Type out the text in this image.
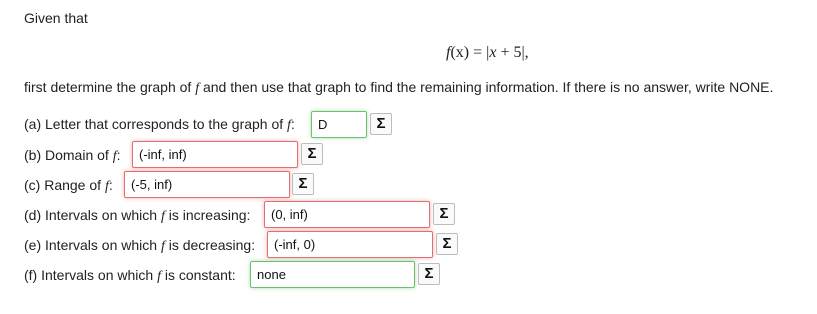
Given that
f(x) = |x + 5|,
first determine the graph of f and then use that graph to find the remaining information. If there is no answer, write NONE.
(a) Letter that corresponds to the graph of f:	D	Σ
(b) Domain of f:	(-inf, inf)	Σ
(c) Range of f:	(-5, inf)	Σ
(d) Intervals on which f is increasing:	(0, inf)	Σ
(e) Intervals on which f is decreasing:	(-inf, 0)	Σ
(f) Intervals on which f is constant:	none	Σ
